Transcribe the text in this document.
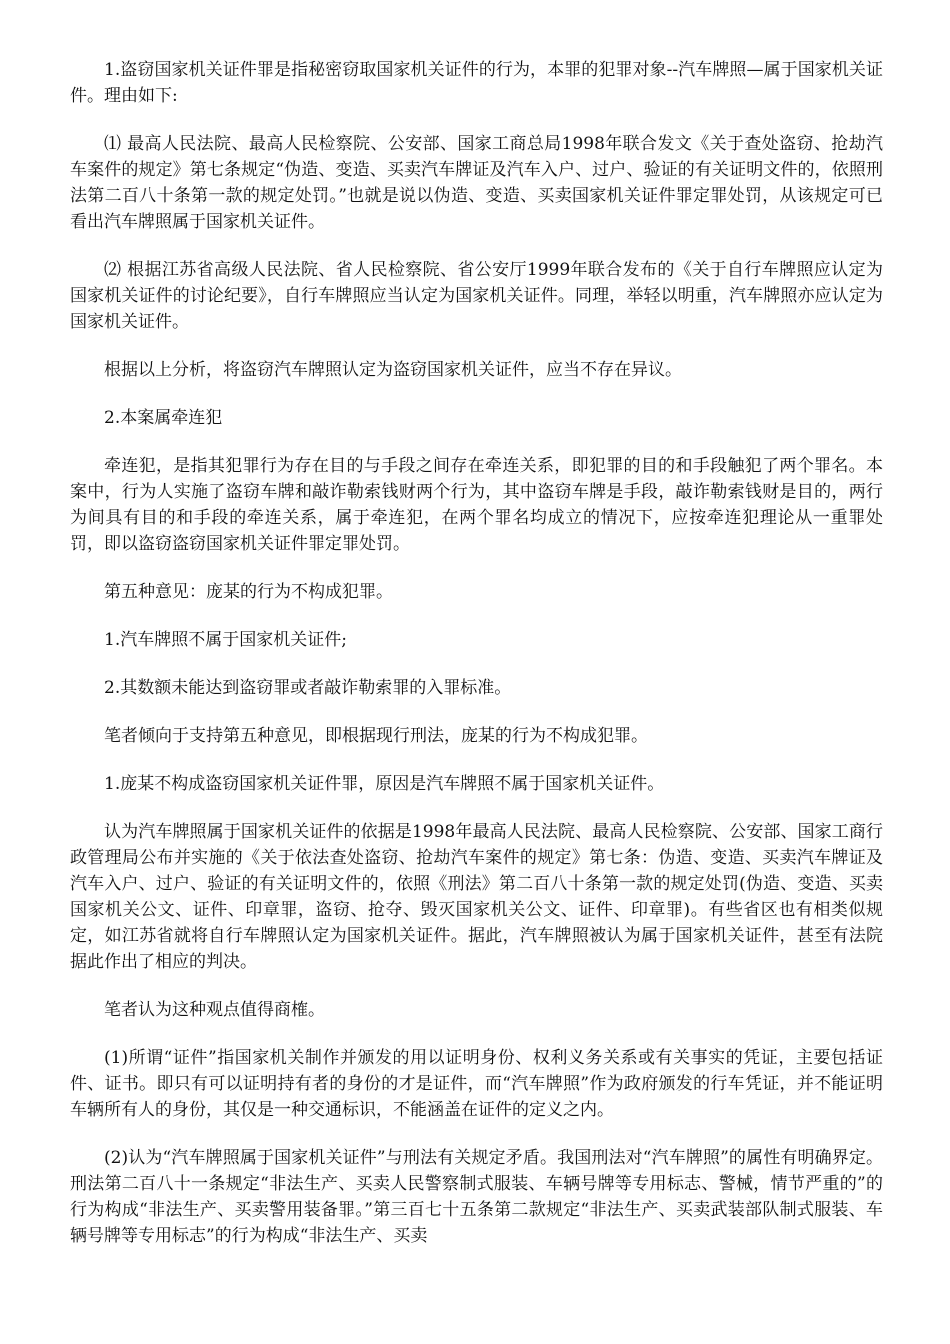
1.盗窃国家机关证件罪是指秘密窃取国家机关证件的行为，本罪的犯罪对象--汽车牌照—属于国家机关证件。理由如下:

⑴ 最高人民法院、最高人民检察院、公安部、国家工商总局1998年联合发文《关于查处盗窃、抢劫汽车案件的规定》第七条规定“伪造、变造、买卖汽车牌证及汽车入户、过户、验证的有关证明文件的，依照刑法第二百八十条第一款的规定处罚。”也就是说以伪造、变造、买卖国家机关证件罪定罪处罚，从该规定可已看出汽车牌照属于国家机关证件。

⑵ 根据江苏省高级人民法院、省人民检察院、省公安厅1999年联合发布的《关于自行车牌照应认定为国家机关证件的讨论纪要》，自行车牌照应当认定为国家机关证件。同理，举轻以明重，汽车牌照亦应认定为国家机关证件。

根据以上分析，将盗窃汽车牌照认定为盗窃国家机关证件，应当不存在异议。

2.本案属牵连犯

牵连犯，是指其犯罪行为存在目的与手段之间存在牵连关系，即犯罪的目的和手段触犯了两个罪名。本案中，行为人实施了盗窃车牌和敲诈勒索钱财两个行为，其中盗窃车牌是手段，敲诈勒索钱财是目的，两行为间具有目的和手段的牵连关系，属于牵连犯，在两个罪名均成立的情况下，应按牵连犯理论从一重罪处罚，即以盗窃盗窃国家机关证件罪定罪处罚。

第五种意见：庞某的行为不构成犯罪。

1.汽车牌照不属于国家机关证件;

2.其数额未能达到盗窃罪或者敲诈勒索罪的入罪标准。

笔者倾向于支持第五种意见，即根据现行刑法，庞某的行为不构成犯罪。

1.庞某不构成盗窃国家机关证件罪，原因是汽车牌照不属于国家机关证件。

认为汽车牌照属于国家机关证件的依据是1998年最高人民法院、最高人民检察院、公安部、国家工商行政管理局公布并实施的《关于依法查处盗窃、抢劫汽车案件的规定》第七条：伪造、变造、买卖汽车牌证及汽车入户、过户、验证的有关证明文件的，依照《刑法》第二百八十条第一款的规定处罚(伪造、变造、买卖国家机关公文、证件、印章罪，盗窃、抢夺、毁灭国家机关公文、证件、印章罪)。有些省区也有相类似规定，如江苏省就将自行车牌照认定为国家机关证件。据此，汽车牌照被认为属于国家机关证件，甚至有法院据此作出了相应的判决。

笔者认为这种观点值得商榷。

(1)所谓“证件”指国家机关制作并颁发的用以证明身份、权利义务关系或有关事实的凭证，主要包括证件、证书。即只有可以证明持有者的身份的才是证件，而“汽车牌照”作为政府颁发的行车凭证，并不能证明车辆所有人的身份，其仅是一种交通标识，不能涵盖在证件的定义之内。

(2)认为“汽车牌照属于国家机关证件”与刑法有关规定矛盾。我国刑法对“汽车牌照”的属性有明确界定。刑法第二百八十一条规定“非法生产、买卖人民警察制式服装、车辆号牌等专用标志、警械，情节严重的”的行为构成“非法生产、买卖警用装备罪。”第三百七十五条第二款规定“非法生产、买卖武装部队制式服装、车辆号牌等专用标志”的行为构成“非法生产、买卖
